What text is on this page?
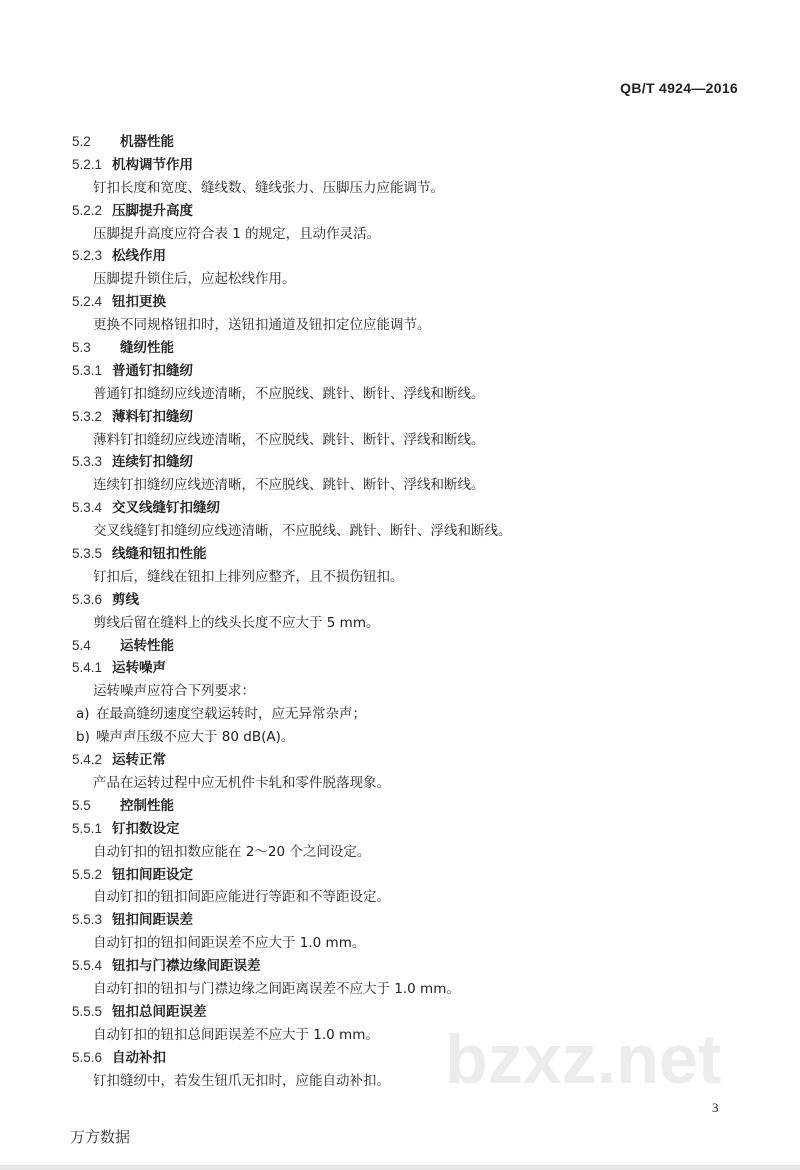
QB/T 4924—2016
bzxz.net
5.2 机器性能
5.2.1 机构调节作用
钉扣长度和宽度、缝线数、缝线张力、压脚压力应能调节。
5.2.2 压脚提升高度
压脚提升高度应符合表 1 的规定，且动作灵活。
5.2.3 松线作用
压脚提升锁住后，应起松线作用。
5.2.4 钮扣更换
更换不同规格钮扣时，送钮扣通道及钮扣定位应能调节。
5.3 缝纫性能
5.3.1 普通钉扣缝纫
普通钉扣缝纫应线迹清晰，不应脱线、跳针、断针、浮线和断线。
5.3.2 薄料钉扣缝纫
薄料钉扣缝纫应线迹清晰，不应脱线、跳针、断针、浮线和断线。
5.3.3 连续钉扣缝纫
连续钉扣缝纫应线迹清晰，不应脱线、跳针、断针、浮线和断线。
5.3.4 交叉线缝钉扣缝纫
交叉线缝钉扣缝纫应线迹清晰，不应脱线、跳针、断针、浮线和断线。
5.3.5 线缝和钮扣性能
钉扣后，缝线在钮扣上排列应整齐，且不损伤钮扣。
5.3.6 剪线
剪线后留在缝料上的线头长度不应大于 5 mm。
5.4 运转性能
5.4.1 运转噪声
运转噪声应符合下列要求：
a) 在最高缝纫速度空载运转时，应无异常杂声；
b) 噪声声压级不应大于 80 dB(A)。
5.4.2 运转正常
产品在运转过程中应无机件卡轧和零件脱落现象。
5.5 控制性能
5.5.1 钉扣数设定
自动钉扣的钮扣数应能在 2～20 个之间设定。
5.5.2 钮扣间距设定
自动钉扣的钮扣间距应能进行等距和不等距设定。
5.5.3 钮扣间距误差
自动钉扣的钮扣间距误差不应大于 1.0 mm。
5.5.4 钮扣与门襟边缘间距误差
自动钉扣的钮扣与门襟边缘之间距离误差不应大于 1.0 mm。
5.5.5 钮扣总间距误差
自动钉扣的钮扣总间距误差不应大于 1.0 mm。
5.5.6 自动补扣
钉扣缝纫中，若发生钮爪无扣时，应能自动补扣。
3
万方数据
